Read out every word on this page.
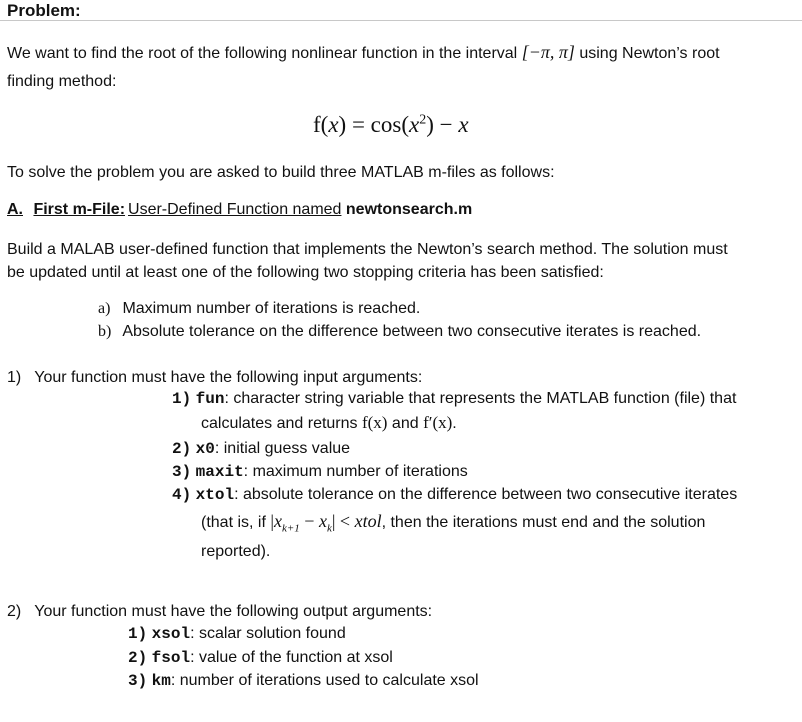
Problem:
We want to find the root of the following nonlinear function in the interval [−π, π] using Newton’s root
finding method:
$f(x) = \cos(x^2) - x$
To solve the problem you are asked to build three MATLAB m-files as follows:
A. First m-File: User-Defined Function named newtonsearch.m
Build a MALAB user-defined function that implements the Newton’s search method. The solution must
be updated until at least one of the following two stopping criteria has been satisfied:
a) Maximum number of iterations is reached.
b) Absolute tolerance on the difference between two consecutive iterates is reached.
1) Your function must have the following input arguments:
1) fun: character string variable that represents the MATLAB function (file) that
calculates and returns f(x) and f′(x).
2) x0: initial guess value
3) maxit: maximum number of iterations
4) xtol: absolute tolerance on the difference between two consecutive iterates
(that is, if $|x_{k+1} - x_k|$ < xtol, then the iterations must end and the solution
reported).
2) Your function must have the following output arguments:
1) xsol: scalar solution found
2) fsol: value of the function at xsol
3) km: number of iterations used to calculate xsol
